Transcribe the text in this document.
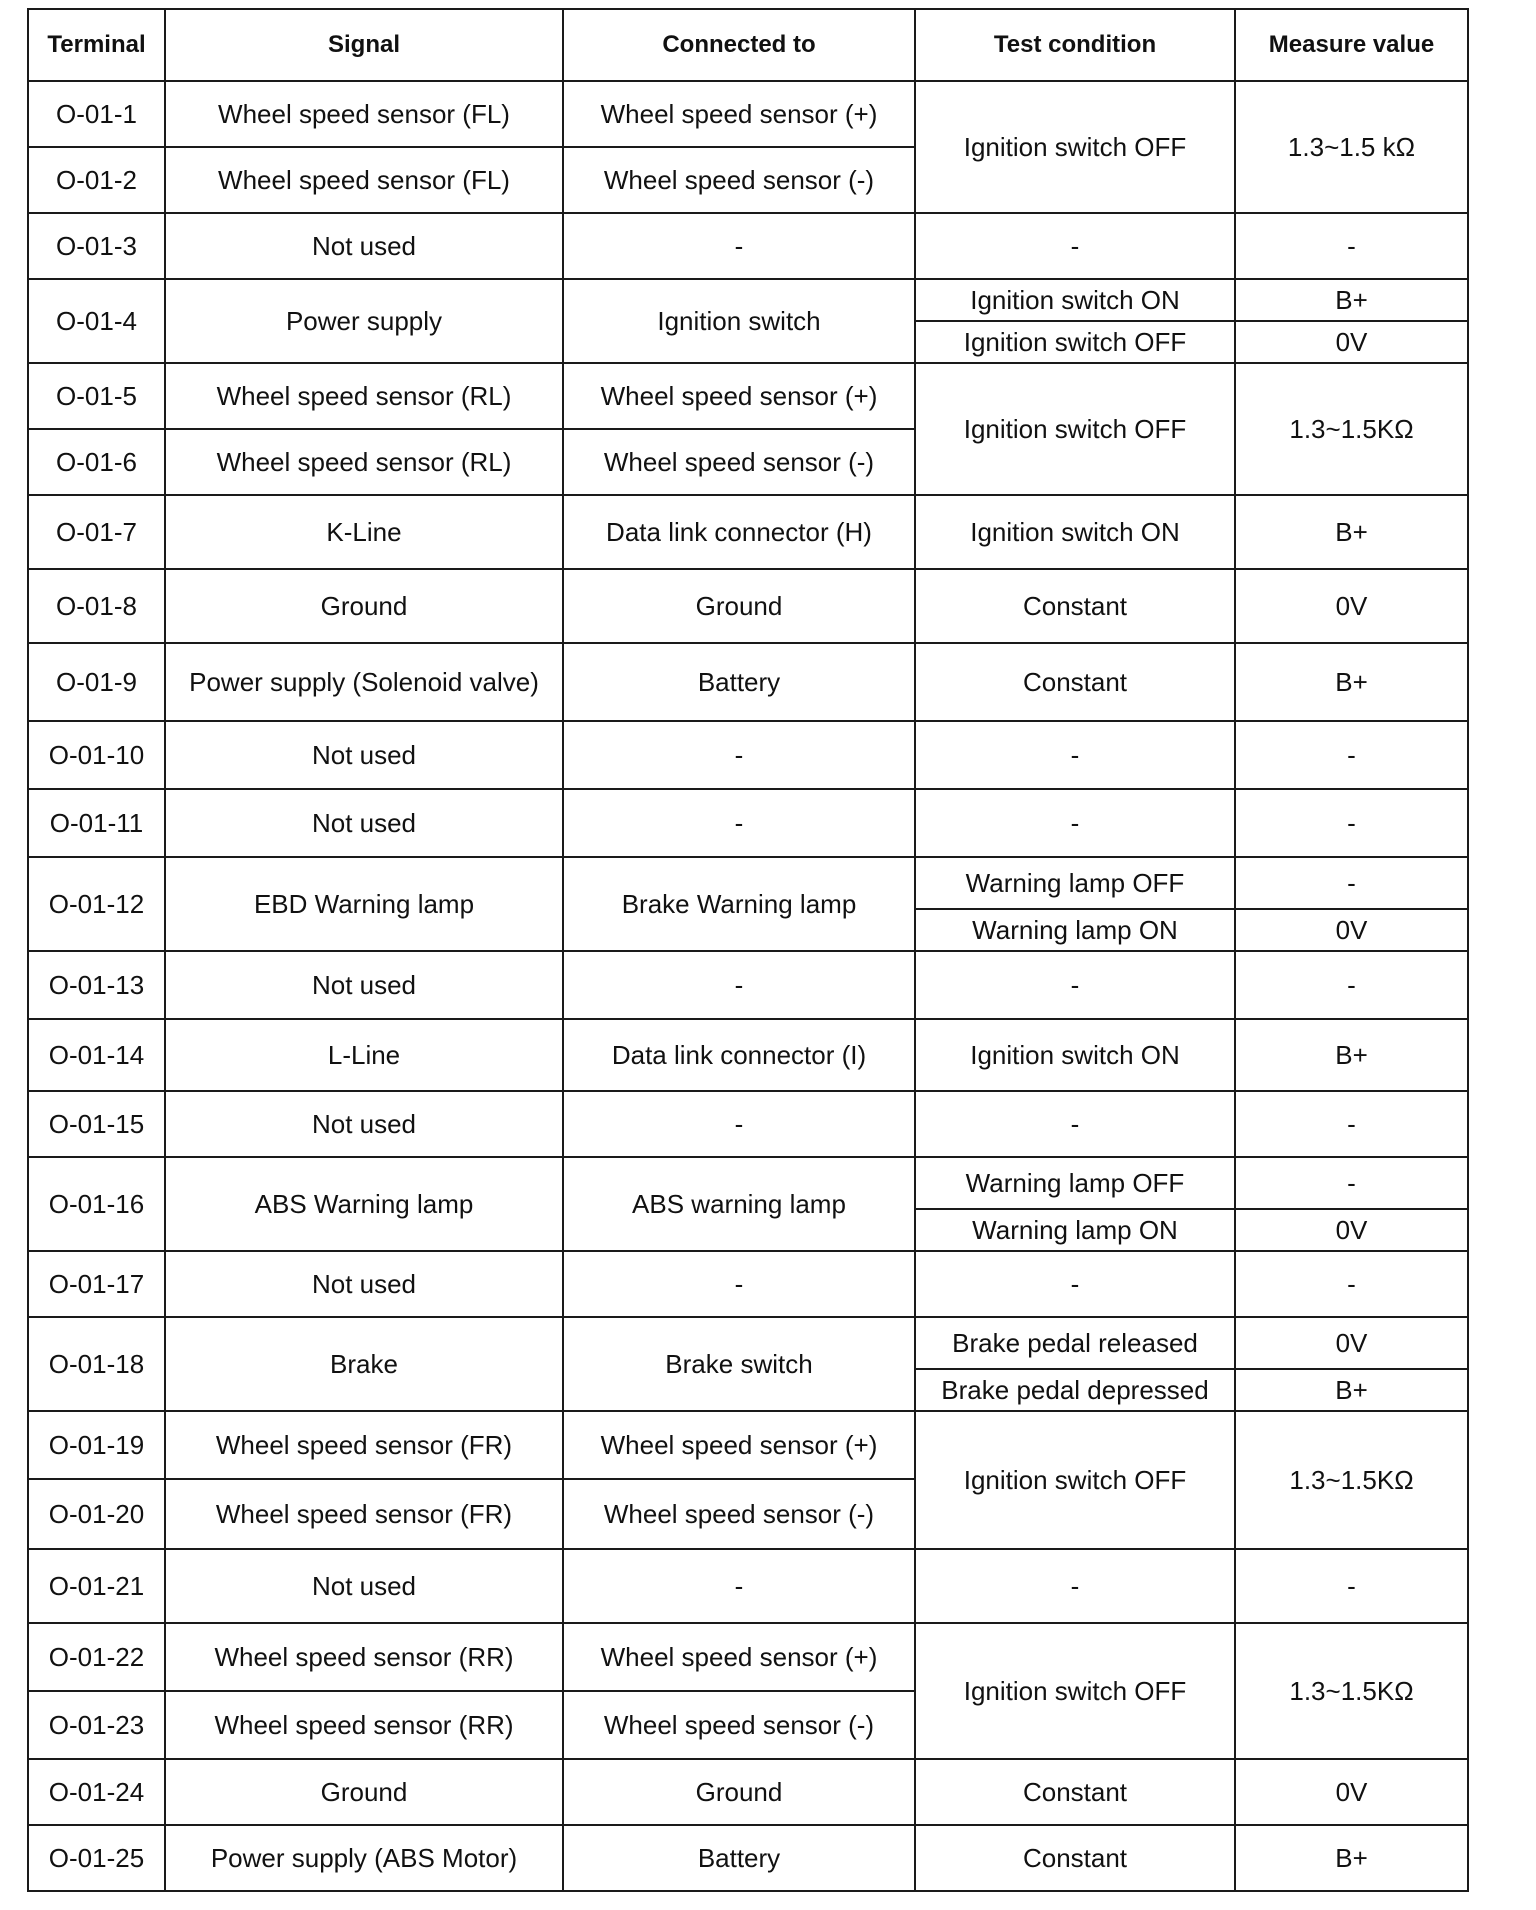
Terminal	Signal	Connected to	Test condition	Measure value
O-01-1	Wheel speed sensor (FL)	Wheel speed sensor (+)	Ignition switch OFF	1.3~1.5 kΩ
O-01-2	Wheel speed sensor (FL)	Wheel speed sensor (-)		
O-01-3	Not used	-	-	-
O-01-4	Power supply	Ignition switch	Ignition switch ON	B+
			Ignition switch OFF	0V
O-01-5	Wheel speed sensor (RL)	Wheel speed sensor (+)	Ignition switch OFF	1.3~1.5KΩ
O-01-6	Wheel speed sensor (RL)	Wheel speed sensor (-)		
O-01-7	K-Line	Data link connector (H)	Ignition switch ON	B+
O-01-8	Ground	Ground	Constant	0V
O-01-9	Power supply (Solenoid valve)	Battery	Constant	B+
O-01-10	Not used	-	-	-
O-01-11	Not used	-	-	-
O-01-12	EBD Warning lamp	Brake Warning lamp	Warning lamp OFF	-
			Warning lamp ON	0V
O-01-13	Not used	-	-	-
O-01-14	L-Line	Data link connector (I)	Ignition switch ON	B+
O-01-15	Not used	-	-	-
O-01-16	ABS Warning lamp	ABS warning lamp	Warning lamp OFF	-
			Warning lamp ON	0V
O-01-17	Not used	-	-	-
O-01-18	Brake	Brake switch	Brake pedal released	0V
			Brake pedal depressed	B+
O-01-19	Wheel speed sensor (FR)	Wheel speed sensor (+)	Ignition switch OFF	1.3~1.5KΩ
O-01-20	Wheel speed sensor (FR)	Wheel speed sensor (-)		
O-01-21	Not used	-	-	-
O-01-22	Wheel speed sensor (RR)	Wheel speed sensor (+)	Ignition switch OFF	1.3~1.5KΩ
O-01-23	Wheel speed sensor (RR)	Wheel speed sensor (-)		
O-01-24	Ground	Ground	Constant	0V
O-01-25	Power supply (ABS Motor)	Battery	Constant	B+
